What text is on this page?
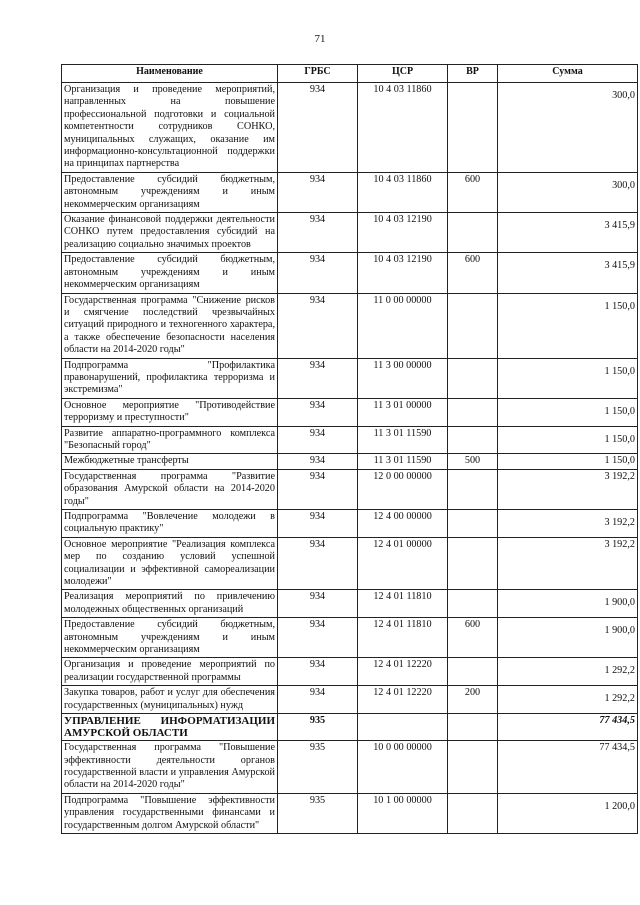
71
Наименование	ГРБС	ЦСР	ВР	Сумма
Организация и проведение мероприятий, направленных на повышение профессиональной подготовки и социальной компетентности сотрудников СОНКО, муниципальных служащих, оказание им информационно-консультационной поддержки на принципах партнерства	934	10 4 03 11860		300,0

Предоставление субсидий бюджетным, автономным учреждениям и иным некоммерческим организациям	934	10 4 03 11860	600	300,0

Оказание финансовой поддержки деятельности СОНКО путем предоставления субсидий на реализацию социально значимых проектов	934	10 4 03 12190		3 415,9

Предоставление субсидий бюджетным, автономным учреждениям и иным некоммерческим организациям	934	10 4 03 12190	600	3 415,9

Государственная программа "Снижение рисков и смягчение последствий чрезвычайных ситуаций природного и техногенного характера, а также обеспечение безопасности населения области на 2014-2020 годы"	934	11 0 00 00000		1 150,0

Подпрограмма "Профилактика правонарушений, профилактика терроризма и экстремизма"	934	11 3 00 00000		1 150,0

Основное мероприятие "Противодействие терроризму и преступности"	934	11 3 01 00000		1 150,0

Развитие аппаратно-программного комплекса "Безопасный город"	934	11 3 01 11590		1 150,0

Межбюджетные трансферты	934	11 3 01 11590	500	1 150,0

Государственная программа "Развитие образования Амурской области на 2014-2020 годы"	934	12 0 00 00000		3 192,2

Подпрограмма "Вовлечение молодежи в социальную практику"	934	12 4 00 00000		3 192,2

Основное мероприятие "Реализация комплекса мер по созданию условий успешной социализации и эффективной самореализации молодежи"	934	12 4 01 00000		3 192,2

Реализация мероприятий по привлечению молодежных общественных организаций	934	12 4 01 11810		1 900,0

Предоставление субсидий бюджетным, автономным учреждениям и иным некоммерческим организациям	934	12 4 01 11810	600	1 900,0

Организация и проведение мероприятий по реализации государственной программы	934	12 4 01 12220		1 292,2

Закупка товаров, работ и услуг для обеспечения государственных (муниципальных) нужд	934	12 4 01 12220	200	1 292,2

УПРАВЛЕНИЕ ИНФОРМАТИЗАЦИИ АМУРСКОЙ ОБЛАСТИ	935			77 434,5

Государственная программа "Повышение эффективности деятельности органов государственной власти и управления Амурской области на 2014-2020 годы"	935	10 0 00 00000		77 434,5

Подпрограмма "Повышение эффективности управления государственными финансами и государственным долгом Амурской области"	935	10 1 00 00000		1 200,0
